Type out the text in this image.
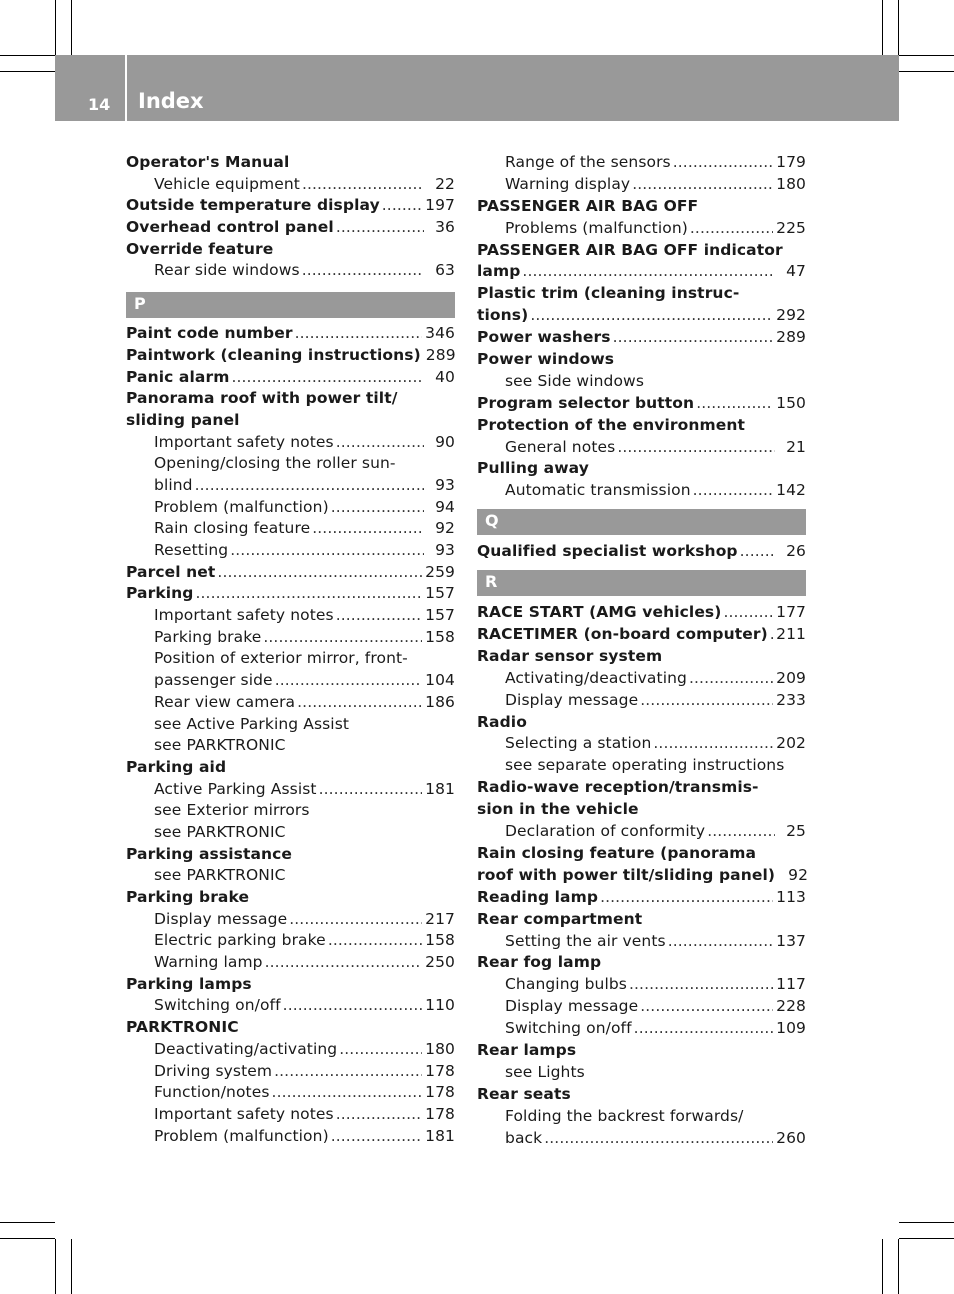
14 Index
Operator's Manual
Vehicle equipment .....	22
Outside temperature display .....	197
Overhead control panel .....	36
Override feature
Rear side windows .....	63
P
Paint code number .....	346
Paintwork (cleaning instructions) 289
Panic alarm .....	40
Panorama roof with power tilt/
sliding panel
Important safety notes .....	90
Opening/closing the roller sun-
blind .....	93
Problem (malfunction) .....	94
Rain closing feature .....	92
Resetting .....	93
Parcel net .....	259
Parking .....	157
Important safety notes .....	157
Parking brake .....	158
Position of exterior mirror, front-
passenger side .....	104
Rear view camera .....	186
see Active Parking Assist
see PARKTRONIC
Parking aid
Active Parking Assist .....	181
see Exterior mirrors
see PARKTRONIC
Parking assistance
see PARKTRONIC
Parking brake
Display message .....	217
Electric parking brake .....	158
Warning lamp .....	250
Parking lamps
Switching on/off .....	110
PARKTRONIC
Deactivating/activating .....	180
Driving system .....	178
Function/notes .....	178
Important safety notes .....	178
Problem (malfunction) .....	181
Range of the sensors .....	179
Warning display .....	180
PASSENGER AIR BAG OFF
Problems (malfunction) .....	225
PASSENGER AIR BAG OFF indicator
lamp .....	47
Plastic trim (cleaning instruc-
tions) .....	292
Power washers .....	289
Power windows
see Side windows
Program selector button .....	150
Protection of the environment
General notes .....	21
Pulling away
Automatic transmission .....	142
Q
Qualified specialist workshop .....	26
R
RACE START (AMG vehicles) .....	177
RACETIMER (on-board computer) ..... 211
Radar sensor system
Activating/deactivating .....	209
Display message .....	233
Radio
Selecting a station .....	202
see separate operating instructions
Radio-wave reception/transmis-
sion in the vehicle
Declaration of conformity .....	25
Rain closing feature (panorama
roof with power tilt/sliding panel) 92
Reading lamp .....	113
Rear compartment
Setting the air vents .....	137
Rear fog lamp
Changing bulbs .....	117
Display message .....	228
Switching on/off .....	109
Rear lamps
see Lights
Rear seats
Folding the backrest forwards/
back .....	260
